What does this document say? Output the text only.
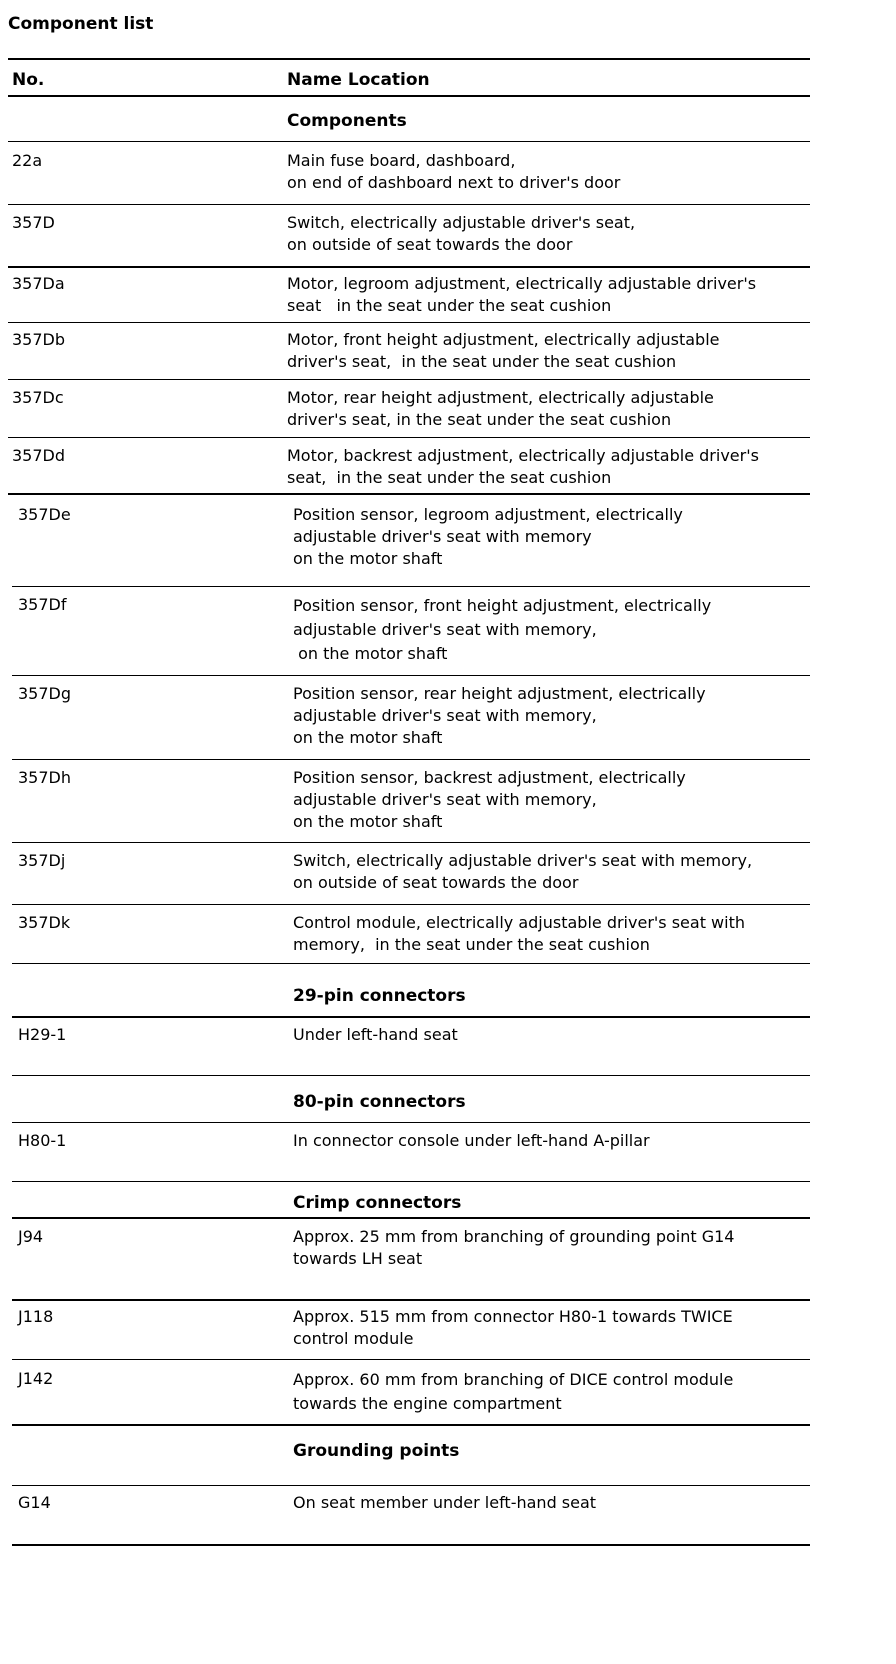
Component list
No.	Name Location
Components
22a	Main fuse board, dashboard,
on end of dashboard next to driver's door
357D	Switch, electrically adjustable driver's seat,
on outside of seat towards the door
357Da	Motor, legroom adjustment, electrically adjustable driver's
seat   in the seat under the seat cushion
357Db	Motor, front height adjustment, electrically adjustable
driver's seat,  in the seat under the seat cushion
357Dc	Motor, rear height adjustment, electrically adjustable
driver's seat, in the seat under the seat cushion
357Dd	Motor, backrest adjustment, electrically adjustable driver's
seat,  in the seat under the seat cushion
357De	Position sensor, legroom adjustment, electrically
adjustable driver's seat with memory
on the motor shaft
357Df	Position sensor, front height adjustment, electrically
adjustable driver's seat with memory,
on the motor shaft
357Dg	Position sensor, rear height adjustment, electrically
adjustable driver's seat with memory,
on the motor shaft
357Dh	Position sensor, backrest adjustment, electrically
adjustable driver's seat with memory,
on the motor shaft
357Dj	Switch, electrically adjustable driver's seat with memory,
on outside of seat towards the door
357Dk	Control module, electrically adjustable driver's seat with
memory,  in the seat under the seat cushion
29-pin connectors
H29-1	Under left-hand seat
80-pin connectors
H80-1	In connector console under left-hand A-pillar
Crimp connectors
J94	Approx. 25 mm from branching of grounding point G14
towards LH seat
J118	Approx. 515 mm from connector H80-1 towards TWICE
control module
J142	Approx. 60 mm from branching of DICE control module
towards the engine compartment
Grounding points
G14	On seat member under left-hand seat
